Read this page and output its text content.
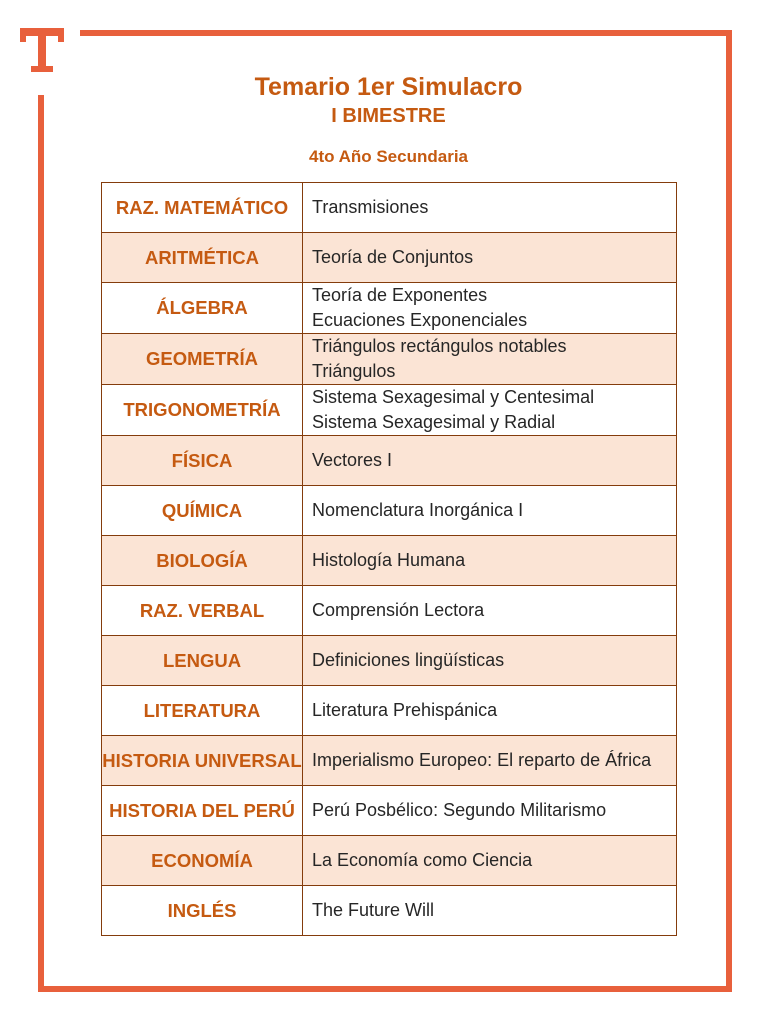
Temario 1er Simulacro
I BIMESTRE
4to Año Secundaria
RAZ. MATEMÁTICO	Transmisiones

ARITMÉTICA	Teoría de Conjuntos

ÁLGEBRA	Teoría de Exponentes
Ecuaciones Exponenciales

GEOMETRÍA	Triángulos rectángulos notables
Triángulos

TRIGONOMETRÍA	Sistema Sexagesimal y Centesimal
Sistema Sexagesimal y Radial

FÍSICA	Vectores I

QUÍMICA	Nomenclatura Inorgánica I

BIOLOGÍA	Histología Humana

RAZ. VERBAL	Comprensión Lectora

LENGUA	Definiciones lingüísticas

LITERATURA	Literatura Prehispánica

HISTORIA UNIVERSAL	Imperialismo Europeo: El reparto de África

HISTORIA DEL PERÚ	Perú Posbélico: Segundo Militarismo

ECONOMÍA	La Economía como Ciencia

INGLÉS	The Future Will
